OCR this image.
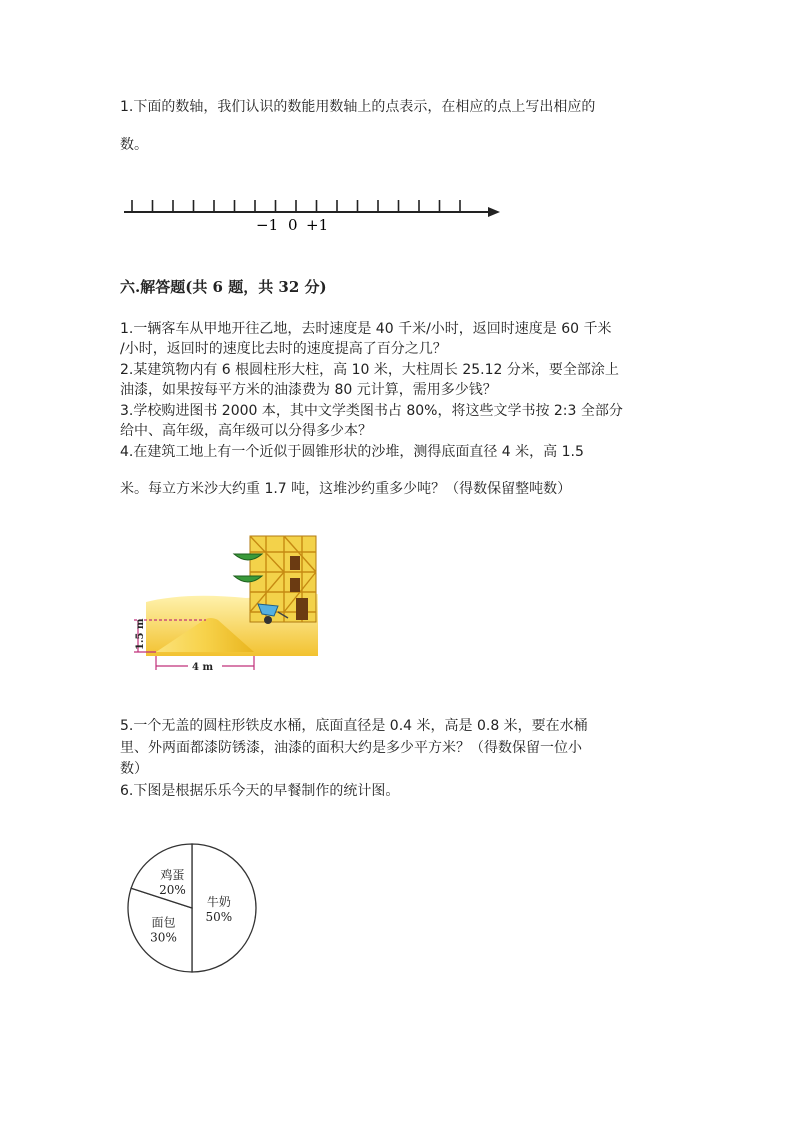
1.下面的数轴，我们认识的数能用数轴上的点表示，在相应的点上写出相应的
数。
−1 0 +1
六.解答题(共 6 题，共 32 分)
1.一辆客车从甲地开往乙地，去时速度是 40 千米/小时，返回时速度是 60 千米
/小时，返回时的速度比去时的速度提高了百分之几？
2.某建筑物内有 6 根圆柱形大柱，高 10 米，大柱周长 25.12 分米，要全部涂上
油漆，如果按每平方米的油漆费为 80 元计算，需用多少钱？
3.学校购进图书 2000 本，其中文学类图书占 80%，将这些文学书按 2:3 全部分
给中、高年级，高年级可以分得多少本？
4.在建筑工地上有一个近似于圆锥形状的沙堆，测得底面直径 4 米，高 1.5
米。每立方米沙大约重 1.7 吨，这堆沙约重多少吨？（得数保留整吨数）
1.5 m
4 m
5.一个无盖的圆柱形铁皮水桶，底面直径是 0.4 米，高是 0.8 米，要在水桶
里、外两面都漆防锈漆，油漆的面积大约是多少平方米？（得数保留一位小
数）
6.下图是根据乐乐今天的早餐制作的统计图。
牛奶
50%
面包
30%
鸡蛋
20%
